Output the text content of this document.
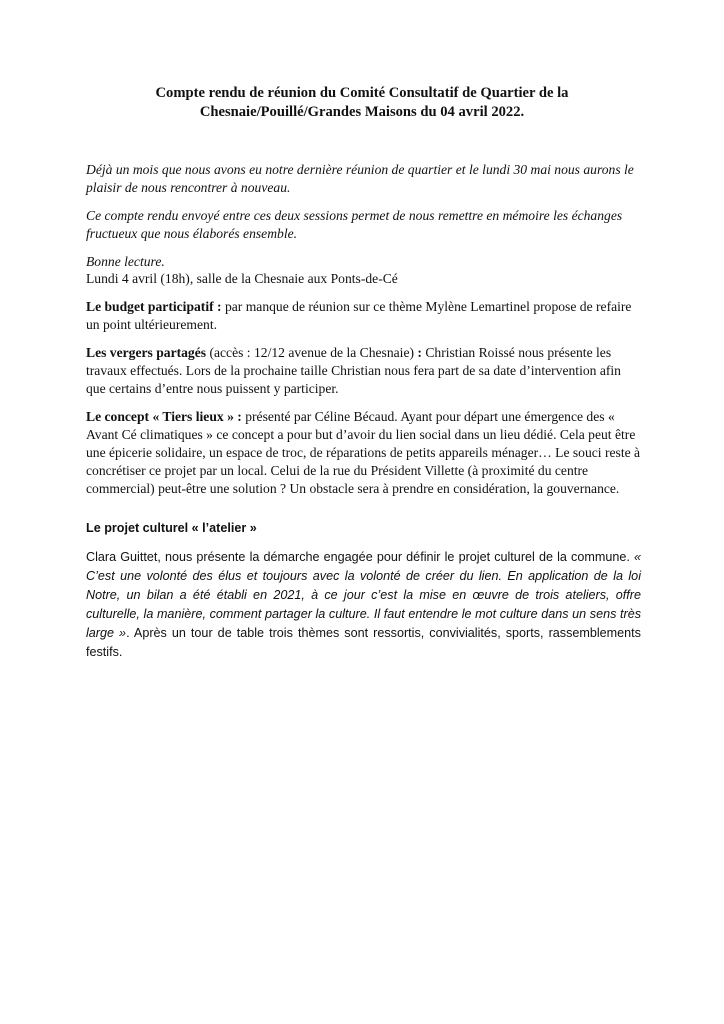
Compte rendu de réunion du Comité Consultatif de Quartier de la
Chesnaie/Pouillé/Grandes Maisons du 04 avril 2022.

Déjà un mois que nous avons eu notre dernière réunion de quartier et le lundi 30 mai nous aurons le plaisir de nous rencontrer à nouveau.

Ce compte rendu envoyé entre ces deux sessions permet de nous remettre en mémoire les échanges fructueux que nous élaborés ensemble.

Bonne lecture.

Lundi 4 avril (18h), salle de la Chesnaie aux Ponts-de-Cé

Le budget participatif : par manque de réunion sur ce thème Mylène Lemartinel propose de refaire un point ultérieurement.

Les vergers partagés (accès : 12/12 avenue de la Chesnaie) : Christian Roissé nous présente les travaux effectués. Lors de la prochaine taille Christian nous fera part de sa date d’intervention afin que certains d’entre nous puissent y participer.

Le concept « Tiers lieux » : présenté par Céline Bécaud. Ayant pour départ une émergence des « Avant Cé climatiques » ce concept a pour but d’avoir du lien social dans un lieu dédié. Cela peut être une épicerie solidaire, un espace de troc, de réparations de petits appareils ménager… Le souci reste à concrétiser ce projet par un local. Celui de la rue du Président Villette (à proximité du centre commercial) peut-être une solution ? Un obstacle sera à prendre en considération, la gouvernance.

Le projet culturel « l’atelier »
Clara Guittet, nous présente la démarche engagée pour définir le projet culturel de la commune. « C’est une volonté des élus et toujours avec la volonté de créer du lien. En application de la loi Notre, un bilan a été établi en 2021, à ce jour c’est la mise en œuvre de trois ateliers, offre culturelle, la manière, comment partager la culture. Il faut entendre le mot culture dans un sens très large ». Après un tour de table trois thèmes sont ressortis, convivialités, sports, rassemblements festifs.
